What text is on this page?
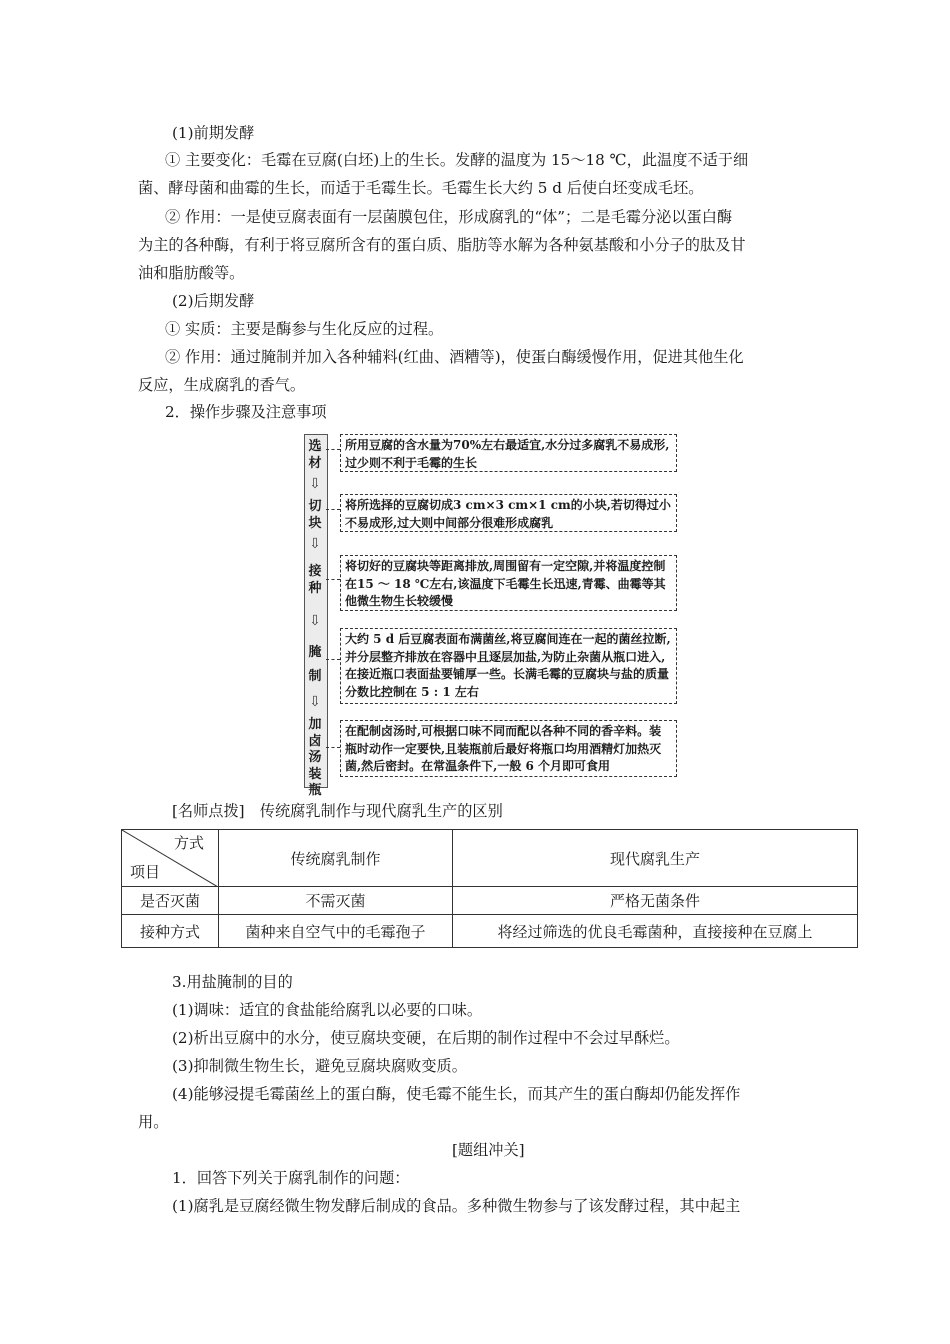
(1)前期发酵
① 主要变化：毛霉在豆腐(白坯)上的生长。发酵的温度为 15～18 ℃，此温度不适于细
菌、酵母菌和曲霉的生长，而适于毛霉生长。毛霉生长大约 5 d 后使白坯变成毛坯。
② 作用：一是使豆腐表面有一层菌膜包住，形成腐乳的“体”；二是毛霉分泌以蛋白酶
为主的各种酶，有利于将豆腐所含有的蛋白质、脂肪等水解为各种氨基酸和小分子的肽及甘
油和脂肪酸等。
(2)后期发酵
① 实质：主要是酶参与生化反应的过程。
② 作用：通过腌制并加入各种辅料(红曲、酒糟等)，使蛋白酶缓慢作用，促进其他生化
反应，生成腐乳的香气。
2．操作步骤及注意事项
选材
⇩
切块
⇩
接种
⇩
腌制
⇩
加卤汤装瓶
所用豆腐的含水量为70%左右最适宜,水分过多腐乳不易成形,过少则不利于毛霉的生长
将所选择的豆腐切成3 cm×3 cm×1 cm的小块,若切得过小不易成形,过大则中间部分很难形成腐乳
将切好的豆腐块等距离排放,周围留有一定空隙,并将温度控制在15 ～ 18 ℃左右,该温度下毛霉生长迅速,青霉、曲霉等其他微生物生长较缓慢
大约 5 d 后豆腐表面布满菌丝,将豆腐间连在一起的菌丝拉断,并分层整齐排放在容器中且逐层加盐,为防止杂菌从瓶口进入,在接近瓶口表面盐要铺厚一些。长满毛霉的豆腐块与盐的质量分数比控制在 5 : 1 左右
在配制卤汤时,可根据口味不同而配以各种不同的香辛料。装瓶时动作一定要快,且装瓶前后最好将瓶口均用酒精灯加热灭菌,然后密封。在常温条件下,一般 6 个月即可食用
[名师点拨]　传统腐乳制作与现代腐乳生产的区别
方式
项目	传统腐乳制作	现代腐乳生产
是否灭菌	不需灭菌	严格无菌条件
接种方式	菌种来自空气中的毛霉孢子	将经过筛选的优良毛霉菌种，直接接种在豆腐上
3.用盐腌制的目的
(1)调味：适宜的食盐能给腐乳以必要的口味。
(2)析出豆腐中的水分，使豆腐块变硬，在后期的制作过程中不会过早酥烂。
(3)抑制微生物生长，避免豆腐块腐败变质。
(4)能够浸提毛霉菌丝上的蛋白酶，使毛霉不能生长，而其产生的蛋白酶却仍能发挥作
用。
[题组冲关]
1．回答下列关于腐乳制作的问题：
(1)腐乳是豆腐经微生物发酵后制成的食品。多种微生物参与了该发酵过程，其中起主
